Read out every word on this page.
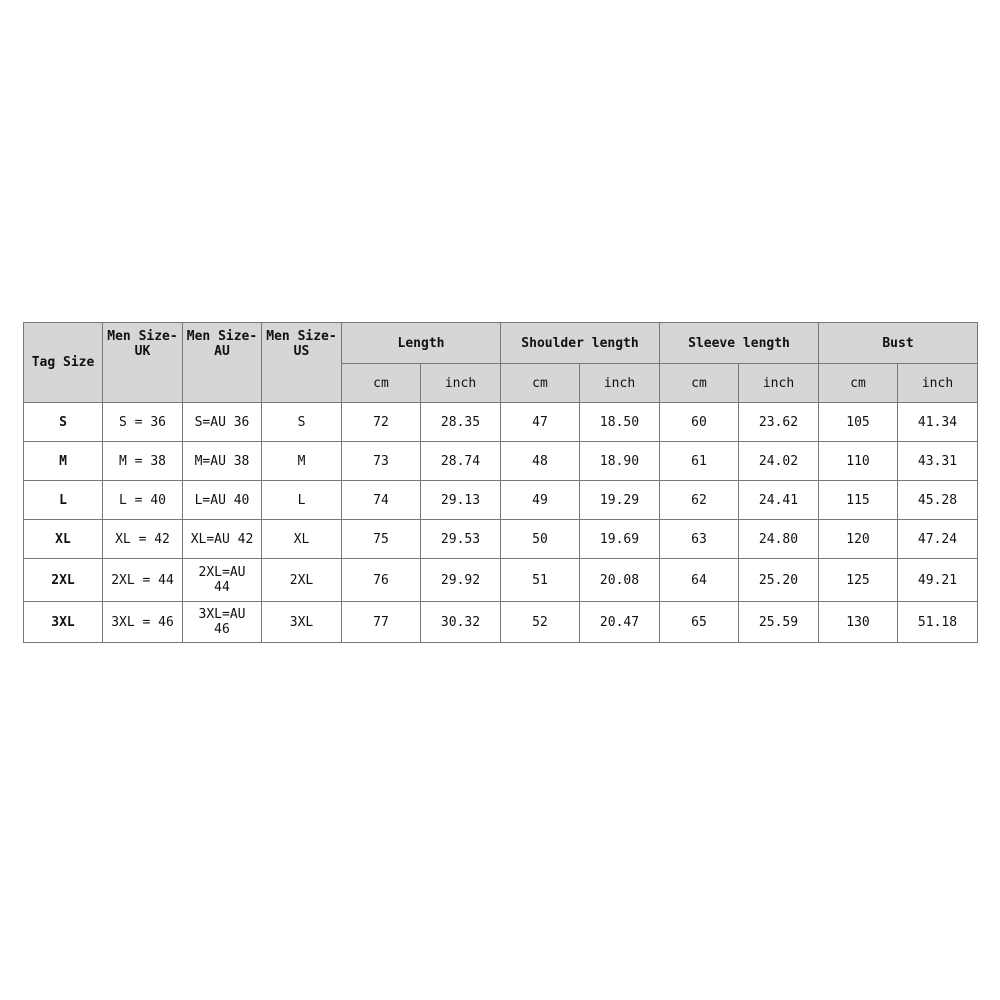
Tag Size	Men Size-UK	Men Size-AU	Men Size-US	Length		Shoulder length		Sleeve length		Bust	
				cm	inch	cm	inch	cm	inch	cm	inch
S	S = 36	S=AU 36	S	72	28.35	47	18.50	60	23.62	105	41.34
M	M = 38	M=AU 38	M	73	28.74	48	18.90	61	24.02	110	43.31
L	L = 40	L=AU 40	L	74	29.13	49	19.29	62	24.41	115	45.28
XL	XL = 42	XL=AU 42	XL	75	29.53	50	19.69	63	24.80	120	47.24
2XL	2XL = 44	2XL=AU 44	2XL	76	29.92	51	20.08	64	25.20	125	49.21
3XL	3XL = 46	3XL=AU 46	3XL	77	30.32	52	20.47	65	25.59	130	51.18
